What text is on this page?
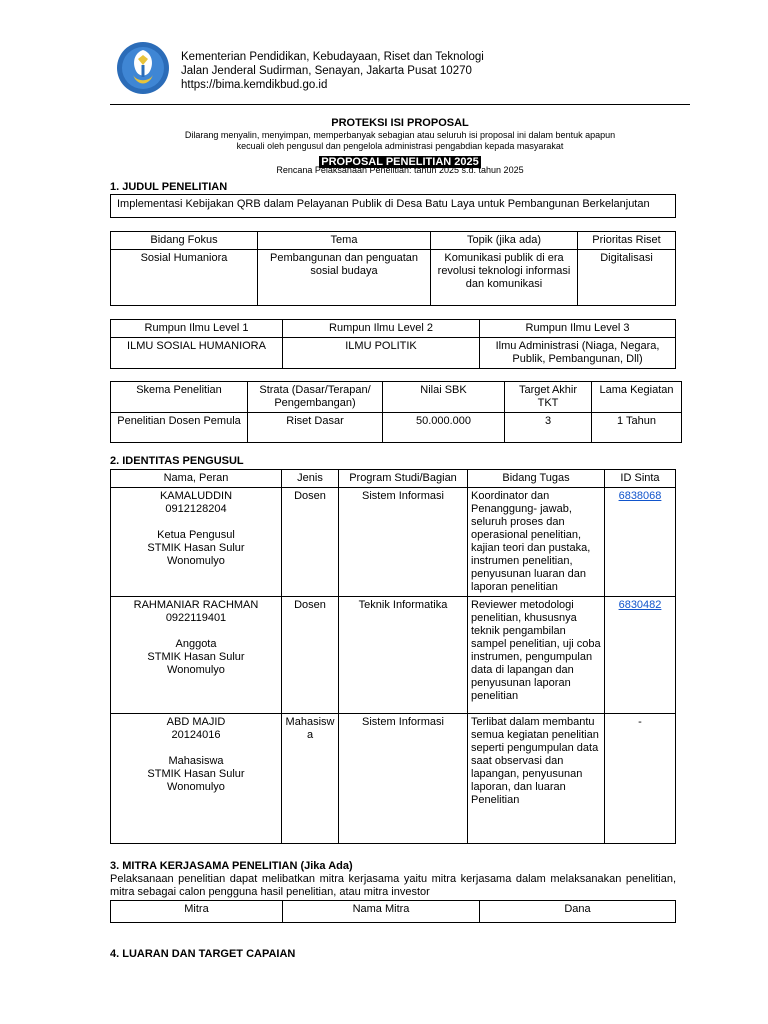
Kementerian Pendidikan, Kebudayaan, Riset dan Teknologi
Jalan Jenderal Sudirman, Senayan, Jakarta Pusat 10270
https://bima.kemdikbud.go.id
PROTEKSI ISI PROPOSAL
Dilarang menyalin, menyimpan, memperbanyak sebagian atau seluruh isi proposal ini dalam bentuk apapun
kecuali oleh pengusul dan pengelola administrasi pengabdian kepada masyarakat
PROPOSAL PENELITIAN 2025
Rencana Pelaksanaan Penelitian: tahun 2025 s.d. tahun 2025
1. JUDUL PENELITIAN
Implementasi Kebijakan QRB dalam Pelayanan Publik di Desa Batu Laya untuk Pembangunan Berkelanjutan
Bidang Fokus	Tema	Topik (jika ada)	Prioritas Riset
Sosial Humaniora	Pembangunan dan penguatan sosial budaya	Komunikasi publik di era revolusi teknologi informasi dan komunikasi	Digitalisasi
Rumpun Ilmu Level 1	Rumpun Ilmu Level 2	Rumpun Ilmu Level 3
ILMU SOSIAL HUMANIORA	ILMU POLITIK	Ilmu Administrasi (Niaga, Negara, Publik, Pembangunan, Dll)
Skema Penelitian	Strata (Dasar/Terapan/ Pengembangan)	Nilai SBK	Target Akhir TKT	Lama Kegiatan
Penelitian Dosen Pemula	Riset Dasar	50.000.000	3	1 Tahun
2. IDENTITAS PENGUSUL
Nama, Peran	Jenis	Program Studi/Bagian	Bidang Tugas	ID Sinta

KAMALUDDIN
0912128204
Ketua Pengusul
STMIK Hasan Sulur
Wonomulyo	Dosen	Sistem Informasi	Koordinator dan Penanggung- jawab, seluruh proses dan operasional penelitian, kajian teori dan pustaka, instrumen penelitian, penyusunan luaran dan laporan penelitian	6838068

RAHMANIAR RACHMAN
0922119401
Anggota
STMIK Hasan Sulur
Wonomulyo	Dosen	Teknik Informatika	Reviewer metodologi penelitian, khususnya teknik pengambilan sampel penelitian, uji coba instrumen, pengumpulan data di lapangan dan penyusunan laporan penelitian	6830482

ABD MAJID
20124016
Mahasiswa
STMIK Hasan Sulur
Wonomulyo	Mahasiswa	Sistem Informasi	Terlibat dalam membantu semua kegiatan penelitian seperti pengumpulan data saat observasi dan lapangan, penyusunan laporan, dan luaran Penelitian	-
3. MITRA KERJASAMA PENELITIAN (Jika Ada)
Pelaksanaan penelitian dapat melibatkan mitra kerjasama yaitu mitra kerjasama dalam melaksanakan penelitian, mitra sebagai calon pengguna hasil penelitian, atau mitra investor
Mitra	Nama Mitra	Dana
4. LUARAN DAN TARGET CAPAIAN
